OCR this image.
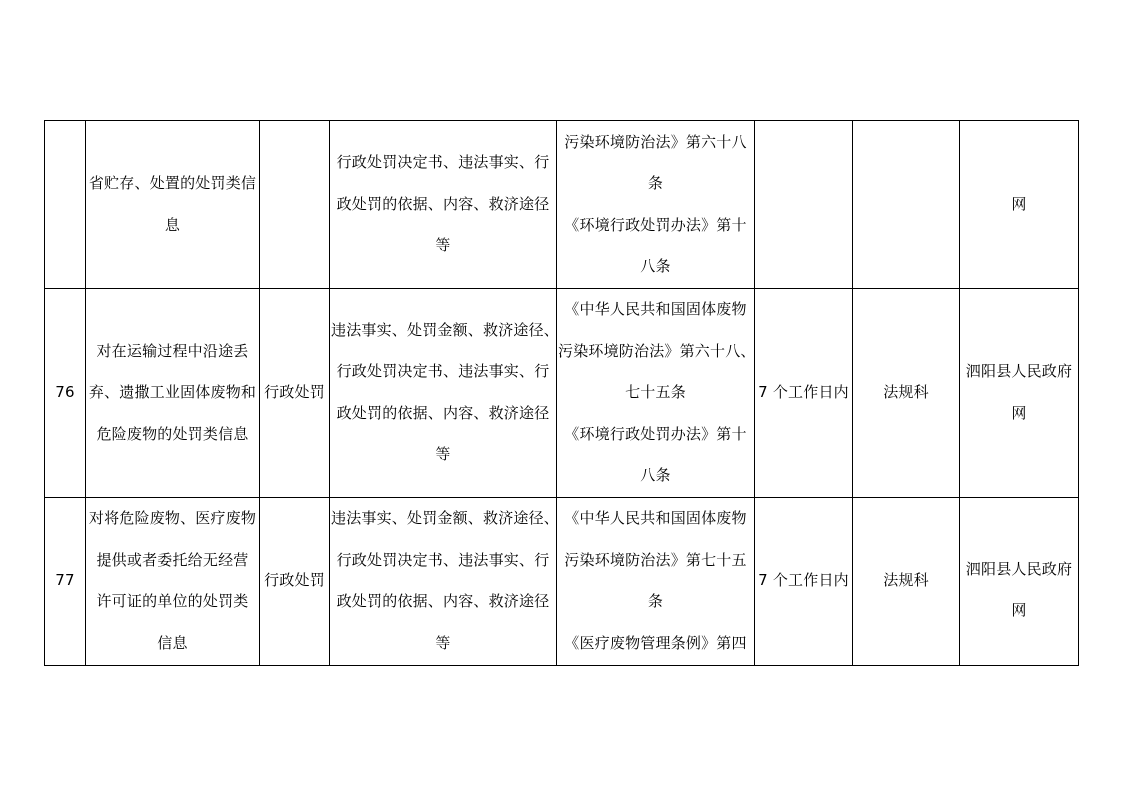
	省贮存、处置的处罚类信
息		行政处罚决定书、违法事实、行
政处罚的依据、内容、救济途径
等	污染环境防治法》第六十八
条
《环境行政处罚办法》第十
八条			网

76	对在运输过程中沿途丢
弃、遗撒工业固体废物和
危险废物的处罚类信息	行政处罚	违法事实、处罚金额、救济途径、
行政处罚决定书、违法事实、行
政处罚的依据、内容、救济途径
等	《中华人民共和国固体废物
污染环境防治法》第六十八、
七十五条
《环境行政处罚办法》第十
八条	7 个工作日内	法规科	泗阳县人民政府
网

77	对将危险废物、医疗废物
提供或者委托给无经营
许可证的单位的处罚类
信息	行政处罚	违法事实、处罚金额、救济途径、
行政处罚决定书、违法事实、行
政处罚的依据、内容、救济途径
等	《中华人民共和国固体废物
污染环境防治法》第七十五
条
《医疗废物管理条例》第四	7 个工作日内	法规科	泗阳县人民政府
网
